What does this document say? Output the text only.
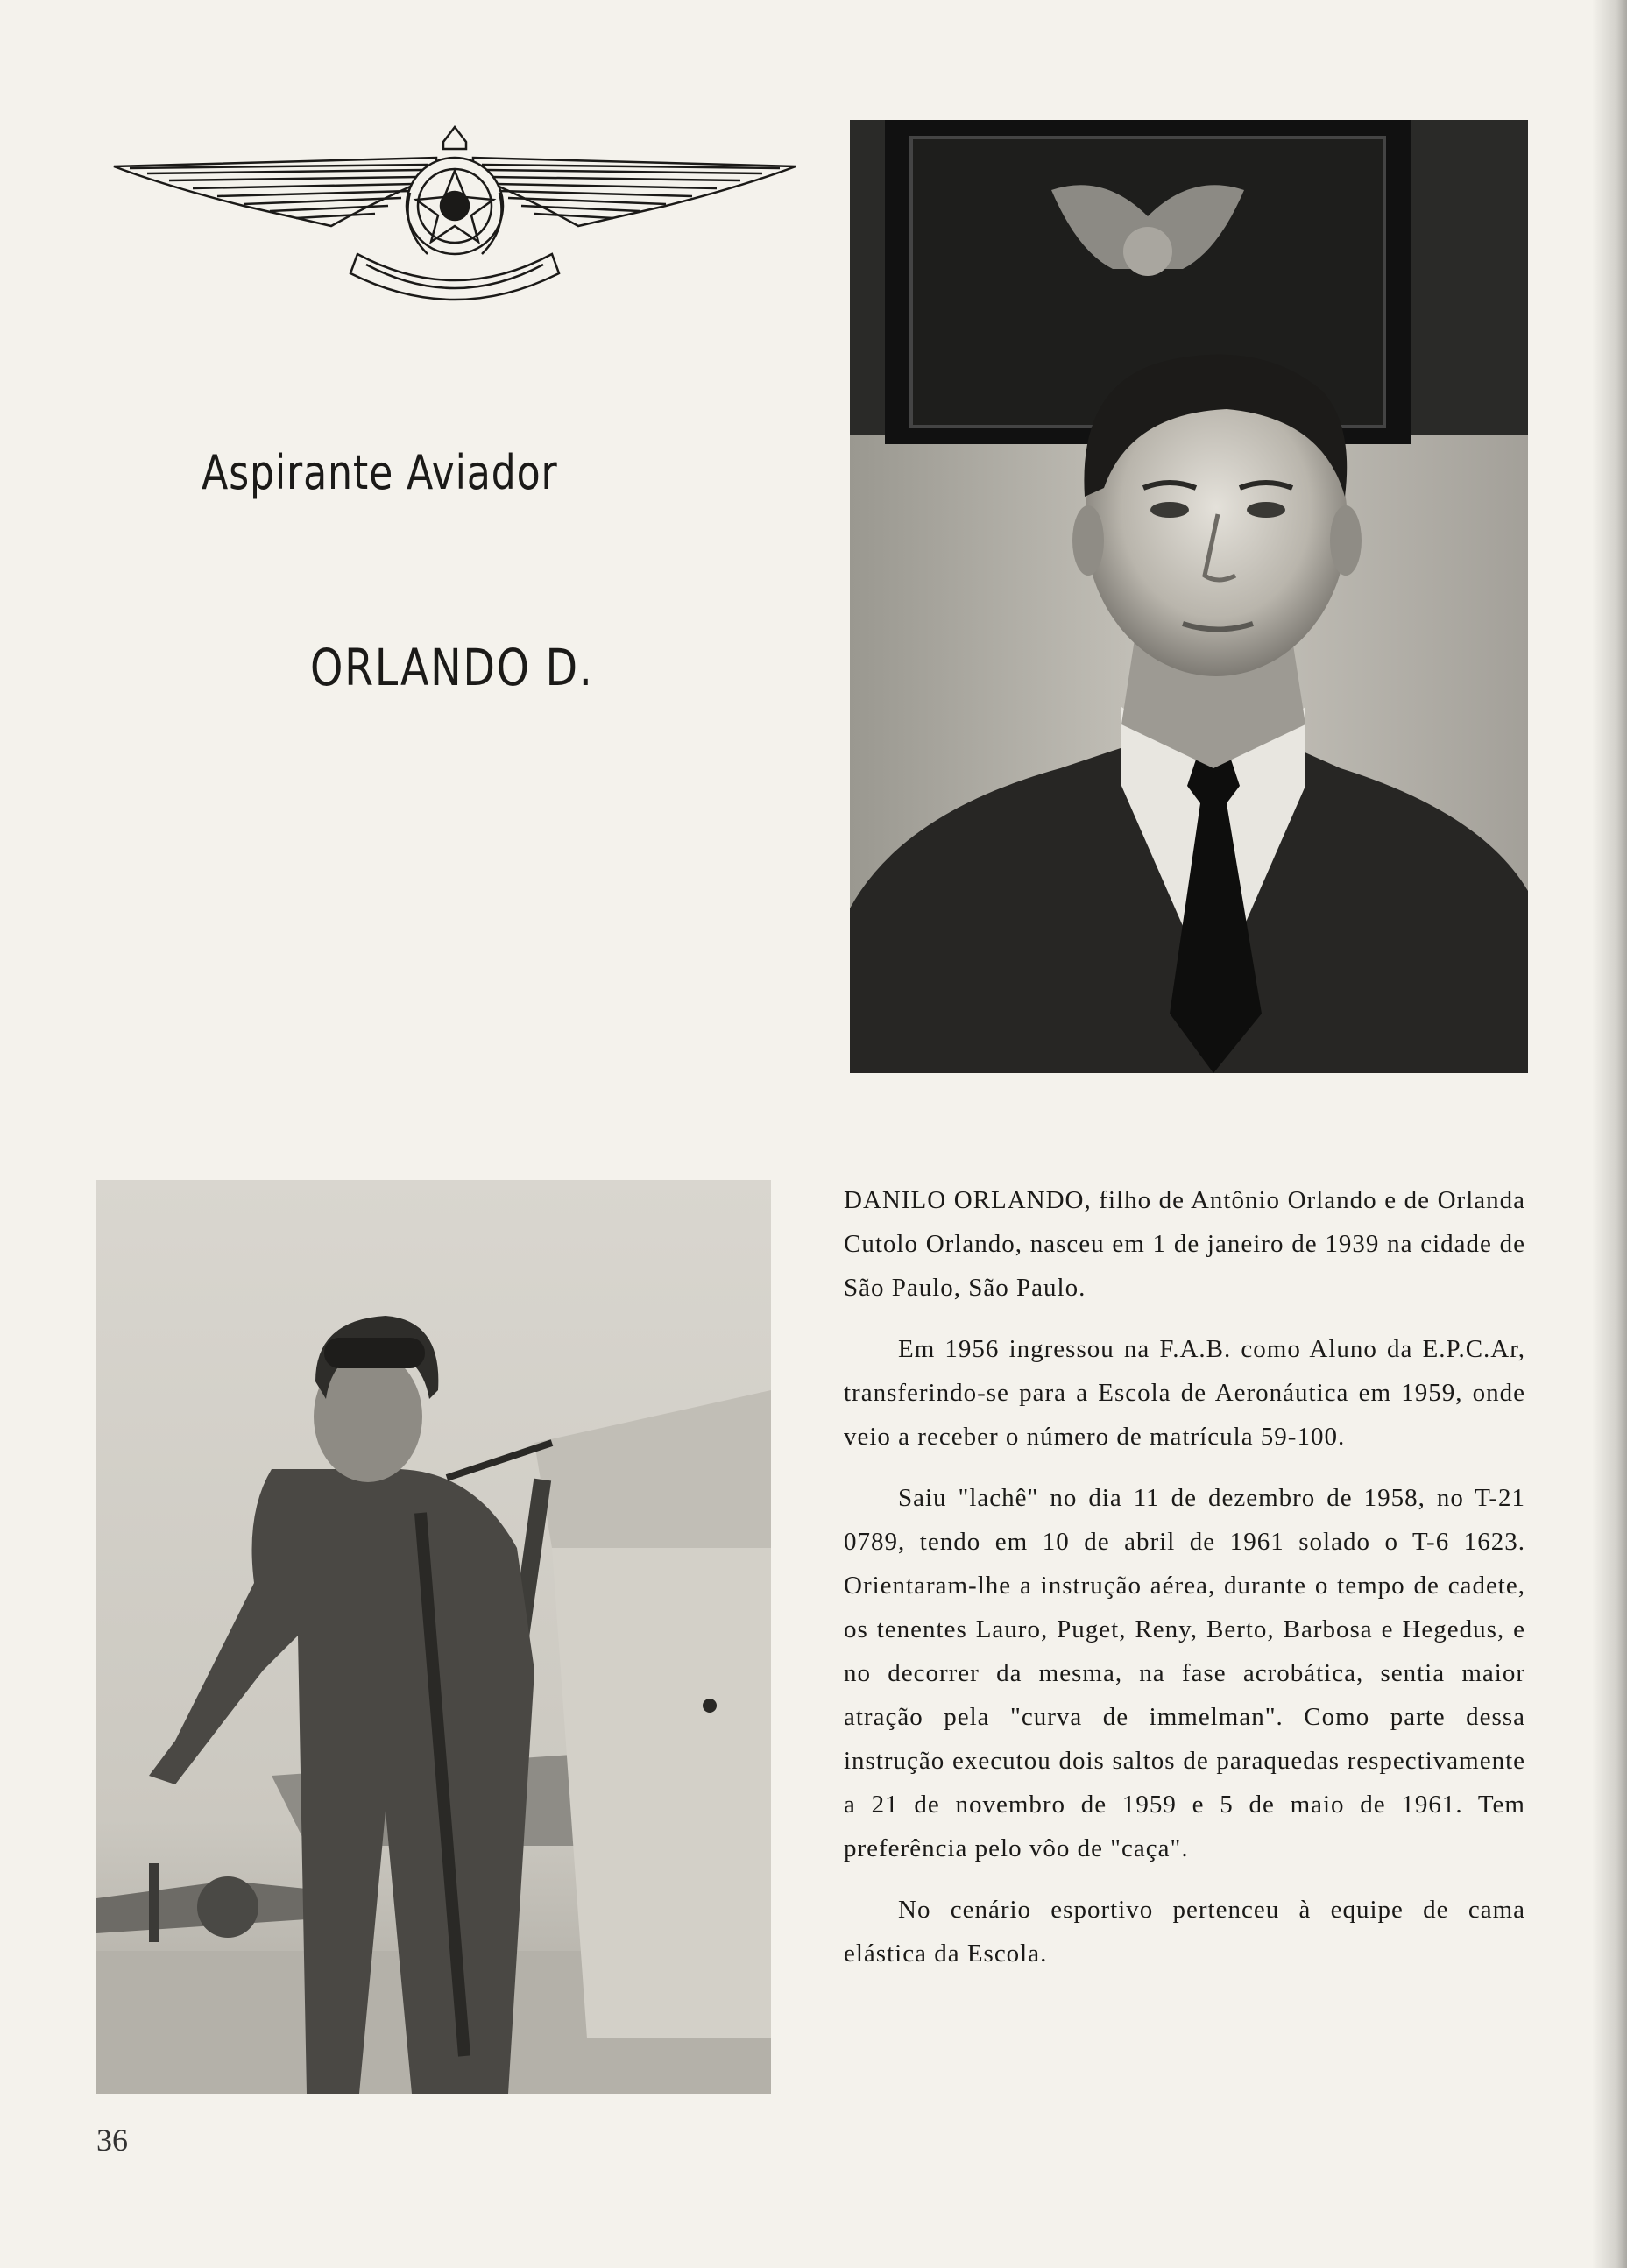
Aspirante Aviador
ORLANDO D.

DANILO ORLANDO, filho de Antônio Orlando e de Orlanda Cutolo Orlando, nasceu em 1 de janeiro de 1939 na cidade de São Paulo, São Paulo.

Em 1956 ingressou na F.A.B. como Aluno da E.P.C.Ar, transferindo-se para a Escola de Aeronáutica em 1959, onde veio a receber o número de matrícula 59-100.

Saiu "lachê" no dia 11 de dezembro de 1958, no T-21 0789, tendo em 10 de abril de 1961 solado o T-6 1623. Orientaram-lhe a instrução aérea, durante o tempo de cadete, os tenentes Lauro, Puget, Reny, Berto, Barbosa e Hegedus, e no decorrer da mesma, na fase acrobática, sentia maior atração pela "curva de immelman". Como parte dessa instrução executou dois saltos de paraquedas respectivamente a 21 de novembro de 1959 e 5 de maio de 1961. Tem preferência pelo vôo de "caça".

No cenário esportivo pertenceu à equipe de cama elástica da Escola.

36
